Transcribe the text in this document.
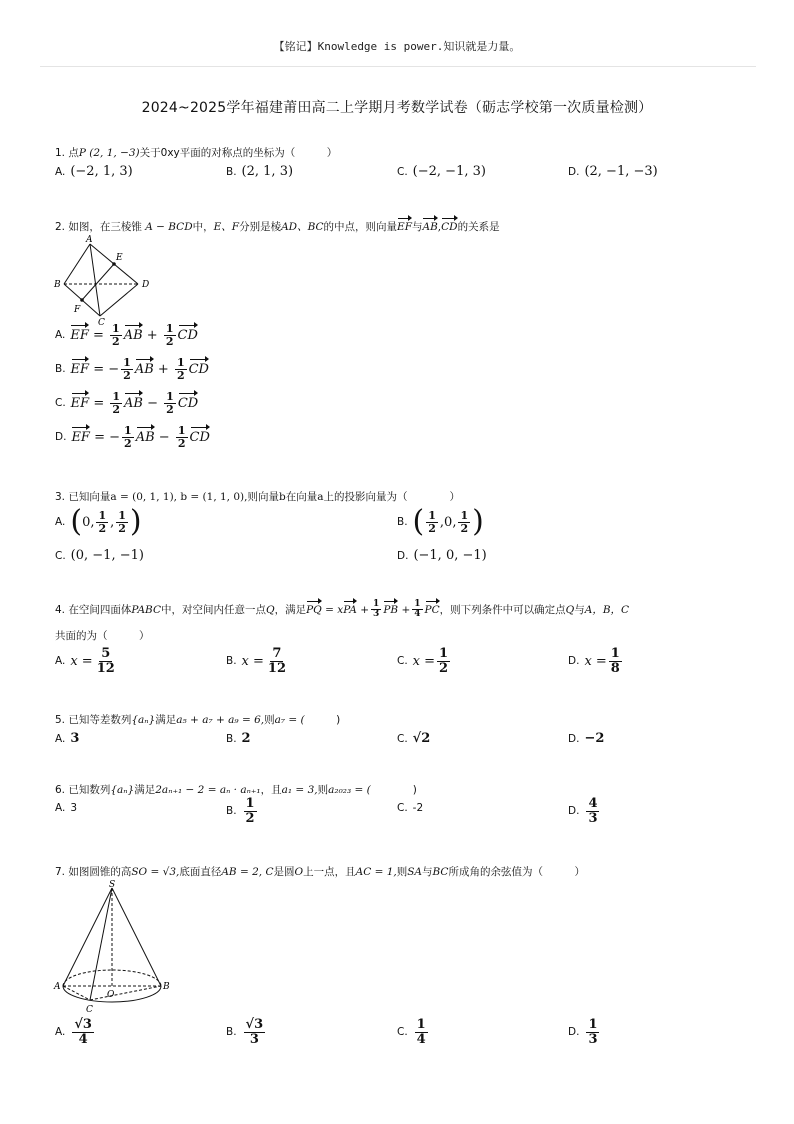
【铭记】Knowledge is power.知识就是力量。
2024~2025学年福建莆田高二上学期月考数学试卷（砺志学校第一次质量检测）
1. 点P (2, 1, −3)关于0xy平面的对称点的坐标为（　　　）
A. (−2, 1, 3)	B. (2, 1, 3)	C. (−2, −1, 3)	D. (2, −1, −3)
2. 如图，在三棱锥 A − BCD中，E、F分别是棱AD、BC的中点，则向量EF与AB,CD的关系是
A
B
C
D
E
F
A. EF
=
$\frac{1}{2}$ AB
+
$\frac{1}{2}$ CD
B. EF
=
− $\frac{1}{2}$ AB
+
$\frac{1}{2}$ CD
C. EF
=
$\frac{1}{2}$ AB
−
$\frac{1}{2}$ CD
D. EF
=
− $\frac{1}{2}$ AB
−
$\frac{1}{2}$ CD
3. 已知向量a = (0, 1, 1), b = (1, 1, 0),则向量b在向量a上的投影向量为（　　　　）
A. ( 0, $\frac{1}{2}$ , $\frac{1}{2}$ )	B. ( $\frac{1}{2} ,0$, $\frac{1}{2}$ )
C. (0, −1, −1)	D. (−1, 0, −1)
4. 在空间四面体 PABC 中，对空间内任意一点 Q ，满足 PQ
= x PA
+ $\frac{1}{3}$ PB
+ $\frac{1}{4}$ PC ，则下列条件中可以确定点 Q 与 A，B，C
共面的为（　　　）
A. $x = \frac{5}{12}$	B. $x = \frac{7}{12}$	C. $x = \frac{1}{2}$	D. $x = \frac{1}{8}$
5. 已知等差数列{aₙ}满足a₅ + a₇ + a₉ = 6,则a₇ = (　　　)
A. 3	B. 2	C. √2	D. −2
6. 已知数列{aₙ}满足2aₙ₊₁ − 2 = aₙ · aₙ₊₁，且a₁ = 3,则a₂₀₂₃ = (　　　　)
A. 3	B. $\frac{1}{2}$	C. -2	D. $\frac{4}{3}$
7. 如图圆锥的高SO = √3,底面直径AB = 2, C是圆O上一点，且AC = 1,则SA与BC所成角的余弦值为（　　　）
S
A	B
O
C
A. $\frac{√3}{4}$	B. $\frac{√3}{3}$	C. $\frac{1}{4}$	D. $\frac{1}{3}$
